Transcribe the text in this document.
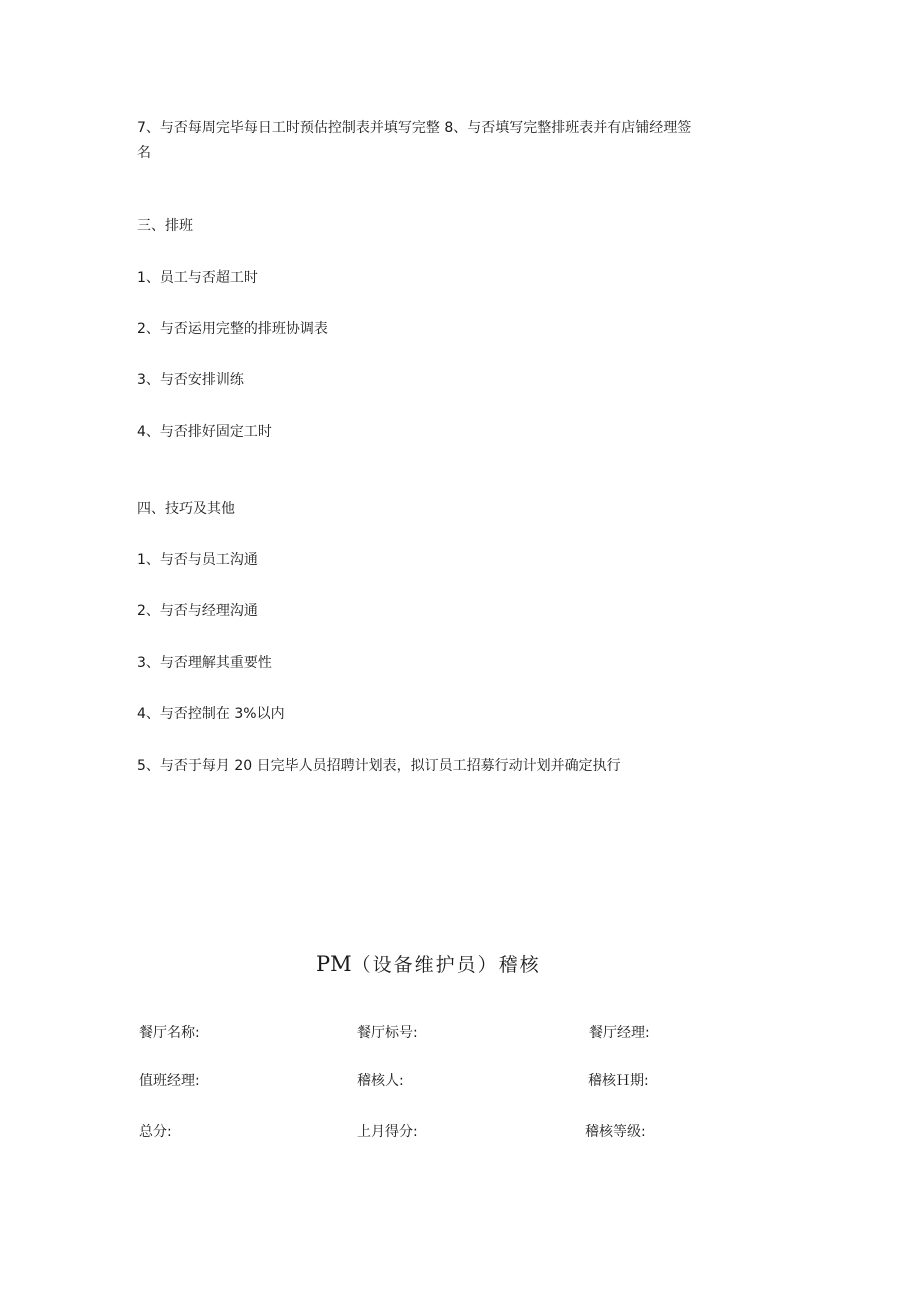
7、与否每周完毕每日工时预估控制表并填写完整 8、与否填写完整排班表并有店铺经理签名
三、排班
1、员工与否超工时
2、与否运用完整的排班协调表
3、与否安排训练
4、与否排好固定工时
四、技巧及其他
1、与否与员工沟通
2、与否与经理沟通
3、与否理解其重要性
4、与否控制在 3%以内
5、与否于每月 20 日完毕人员招聘计划表，拟订员工招募行动计划并确定执行
PM（设备维护员）稽核
餐厅名称:	餐厅标号:	餐厅经理:
值班经理:	稽核人:	稽核Ｈ期:
总分:	上月得分:	稽核等级:
